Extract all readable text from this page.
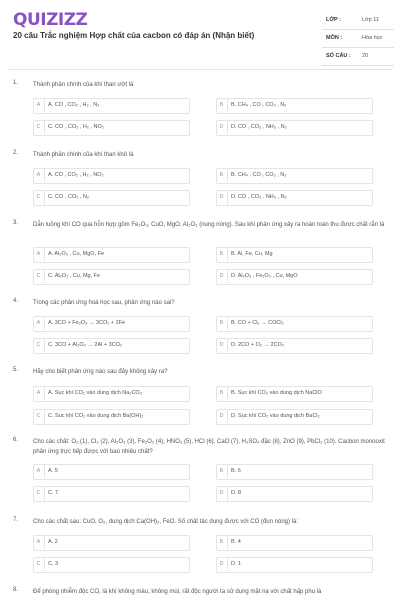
QUIZIZZ
20 câu Trắc nghiệm Hợp chất của cacbon có đáp án (Nhận biết)
LỚP :	Lớp 11
MÔN :	Hóa học
SỐ CÂU : 20
1. Thành phần chính của khí than ướt là
A	A. CO , CO₂ , H₂ , N₂	B	B. CH₄ , CO , CO₂ , N₂
C	C. CO , CO₂ , H₂ , NO₂	D	D. CO , CO₂ , NH₃ , N₂
2. Thành phần chính của khí than khô là
A	A. CO , CO₂ , H₂ , NO₂	B	B. CH₄ , CO , CO₂ , N₂
C	C. CO , CO₂ , N₂	D	D. CO , CO₂ , NH₃ , N₂
3. Dẫn luồng khí CO qua hỗn hợp gồm Fe₂O₃, CuO, MgO, Al₂O₃ (nung nóng). Sau khi phản ứng xảy ra hoàn toàn thu được chất rắn là
A	A. Al₂O₃ , Cu, MgO, Fe	B	B. Al, Fe, Cu, Mg
C	C. Al₂O₃ , Cu, Mg, Fe	D	D. Al₂O₃ , Fe₂O₃ , Cu, MgO
4. Trong các phản ứng hoá học sau, phản ứng nào sai?
A	A. 3CO + Fe₂O₃ → 3CO₂ + 2Fe	B	B. CO + Cl₂ → COCl₂
C	C. 3CO + Al₂O₃ → 2Al + 3CO₂	D	D. 2CO + O₂ → 2CO₂
5. Hãy cho biết phản ứng nào sau đây không xảy ra?
A	A. Sục khí CO₂ vào dung dịch Na₂CO₃	B	B. Sục khí CO₂ vào dung dịch NaClO
C	C. Sục khí CO₂ vào dung dịch Ba(OH)₂	D	D. Sục khí CO₂ vào dung dịch BaCl₂
6. Cho các chất: O₂ (1), Cl₂ (2), Al₂O₃ (3), Fe₂O₃ (4), HNO₃ (5), HCl (6), CaO (7), H₂SO₄ đặc (8), ZnO (9), PbCl₂ (10). Cacbon monooxit phản ứng trực tiếp được với bao nhiêu chất?
A	A. 5	B	B. 6
C	C. 7	D	D. 8
7. Cho các chất sau: CuO, O₂, dung dịch Ca(OH)₂, FeO. Số chất tác dụng được với CO (đun nóng) là:
A	A. 2	B	B. 4
C	C. 3	D	D. 1
8. Để phòng nhiễm độc CO, là khí không màu, không mùi, rất độc người ta sử dụng mặt nạ với chất hấp phụ là
